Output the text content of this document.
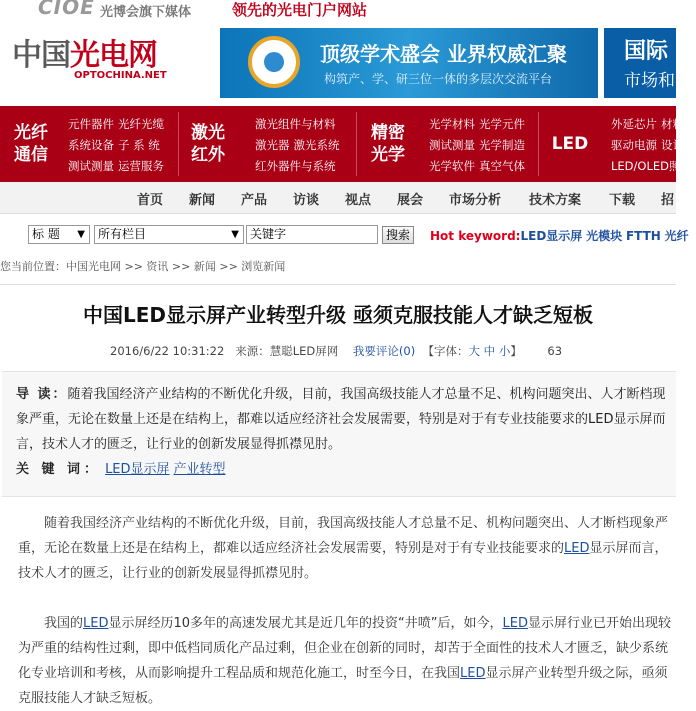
CIOE 光博会旗下媒体	领先的光电门户网站
中国光电网
OPTOCHINA.NET
顶级学术盛会 业界权威汇聚
构筑产、学、研三位一体的多层次交流平台
国际
市场和
光纤通信
元件器件 光纤光缆
系统设备 子 系 统
测试测量 运营服务
激光红外
激光组件与材料
激光器 激光系统
红外器件与系统
精密光学
光学材料 光学元件
测试测量 光学制造
光学软件 真空气体
LED
外延芯片 材料
驱动电源 设计
LED/OLED照明
首页 新闻 产品 访谈 视点 展会 市场分析 技术方案 下载 招
标 题 ▼	所有栏目	▼ 关键字	搜索	Hot keyword:LED显示屏 光模块 FTTH 光纤
您当前位置：中国光电网 >> 资讯 >> 新闻 >> 浏览新闻
中国LED显示屏产业转型升级 亟须克服技能人才缺乏短板
2016/6/22 10:31:22 来源：慧聪LED屏网 我要评论(0) 【字体：大 中 小】 63
导 读：随着我国经济产业结构的不断优化升级，目前，我国高级技能人才总量不足、机构问题突出、人才断档现象严重，无论在数量上还是在结构上，都难以适应经济社会发展需要，特别是对于有专业技能要求的LED显示屏而言，技术人才的匮乏，让行业的创新发展显得抓襟见肘。
关 键 词： LED显示屏 产业转型
随着我国经济产业结构的不断优化升级，目前，我国高级技能人才总量不足、机构问题突出、人才断档现象严重，无论在数量上还是在结构上，都难以适应经济社会发展需要，特别是对于有专业技能要求的LED显示屏而言，技术人才的匮乏，让行业的创新发展显得抓襟见肘。
我国的LED显示屏经历10多年的高速发展尤其是近几年的投资“井喷”后，如今，LED显示屏行业已开始出现较为严重的结构性过剩，即中低档同质化产品过剩，但企业在创新的同时，却苦于全面性的技术人才匮乏，缺少系统化专业培训和考核，从而影响提升工程品质和规范化施工，时至今日，在我国LED显示屏产业转型升级之际，亟须克服技能人才缺乏短板。
